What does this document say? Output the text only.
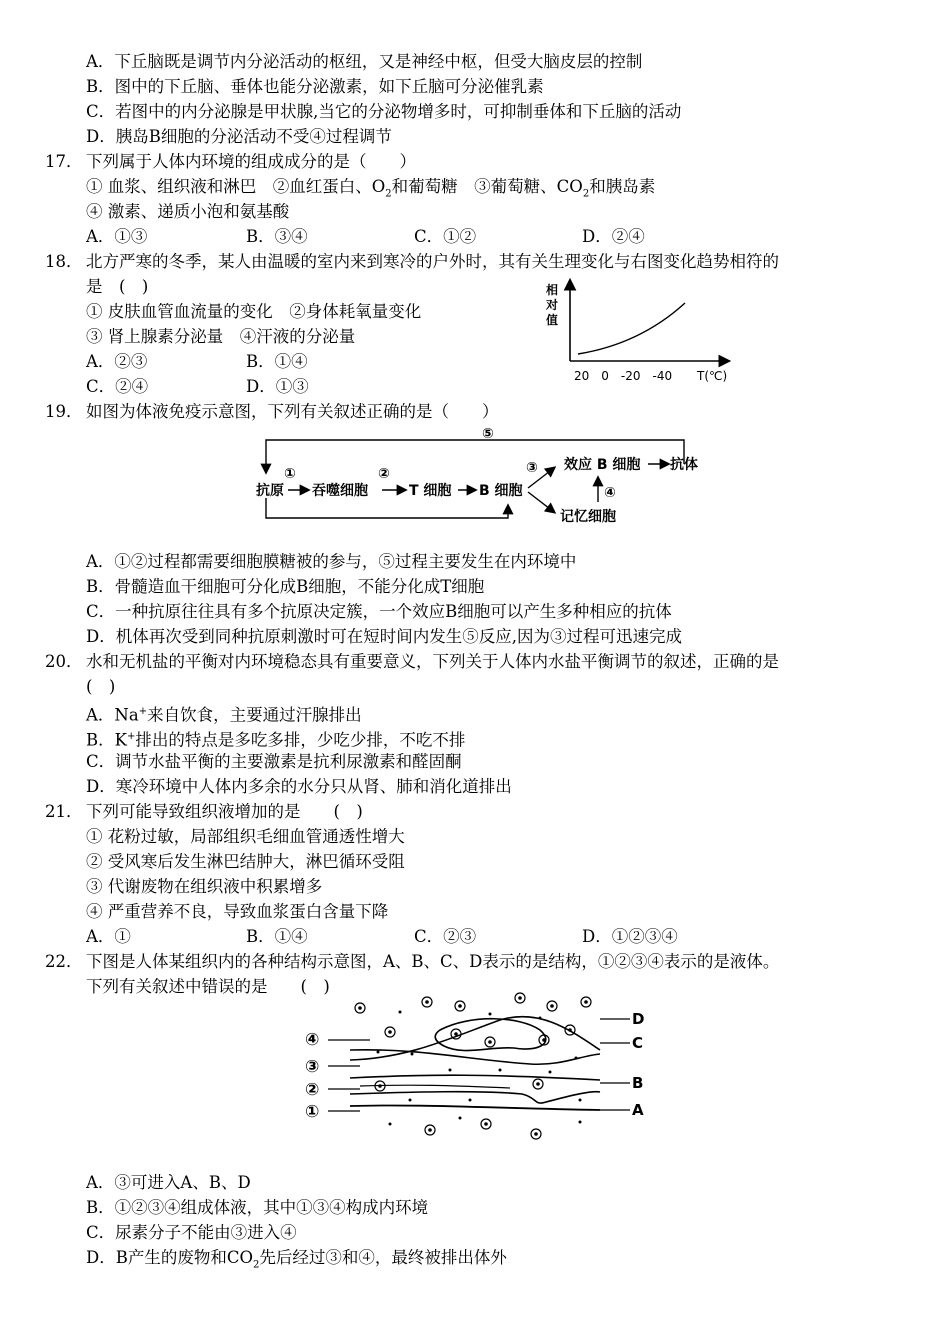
A．下丘脑既是调节内分泌活动的枢纽，又是神经中枢，但受大脑皮层的控制
B．图中的下丘脑、垂体也能分泌激素，如下丘脑可分泌催乳素
C．若图中的内分泌腺是甲状腺,当它的分泌物增多时，可抑制垂体和下丘脑的活动
D．胰岛B细胞的分泌活动不受④过程调节
17． 下列属于人体内环境的组成成分的是（　　）
① 血浆、组织液和淋巴　②血红蛋白、$O_2$和葡萄糖　③葡萄糖、$CO_2$和胰岛素
④ 激素、递质小泡和氨基酸
A．①③	B．③④	C．①②	D．②④
18． 北方严寒的冬季，某人由温暖的室内来到寒冷的户外时，其有关生理变化与右图变化趋势相符的
是　(　)
① 皮肤血管血流量的变化　②身体耗氧量变化
③ 肾上腺素分泌量　④汗液的分泌量
A．②③	B．①④
C．②④	D．①③
相
对
值
20　0　-20　-40 T(℃)
19． 如图为体液免疫示意图，下列有关叙述正确的是（　　）
⑤
抗原
①
吞噬细胞
②
T 细胞 B 细胞
③ 效应 B 细胞 抗体
记忆细胞
④
A．①②过程都需要细胞膜糖被的参与，⑤过程主要发生在内环境中
B．骨髓造血干细胞可分化成B细胞，不能分化成T细胞
C．一种抗原往往具有多个抗原决定簇，一个效应B细胞可以产生多种相应的抗体
D．机体再次受到同种抗原刺激时可在短时间内发生⑤反应,因为③过程可迅速完成
20． 水和无机盐的平衡对内环境稳态具有重要意义，下列关于人体内水盐平衡调节的叙述，正确的是
(　)
A．Na+来自饮食，主要通过汗腺排出
B．K+排出的特点是多吃多排，少吃少排，不吃不排
C．调节水盐平衡的主要激素是抗利尿激素和醛固酮
D．寒冷环境中人体内多余的水分只从肾、肺和消化道排出
21． 下列可能导致组织液增加的是　　(　)
① 花粉过敏，局部组织毛细血管通透性增大
② 受风寒后发生淋巴结肿大，淋巴循环受阻
③ 代谢废物在组织液中积累增多
④ 严重营养不良，导致血浆蛋白含量下降
A．①	B．①④	C．②③	D．①②③④
22． 下图是人体某组织内的各种结构示意图，A、B、C、D表示的是结构，①②③④表示的是液体。
下列有关叙述中错误的是　　(　)
④
③
②
①
D
C
B
A
A．③可进入A、B、D
B．①②③④组成体液，其中①③④构成内环境
C．尿素分子不能由③进入④
D．B产生的废物和$CO_2$先后经过③和④，最终被排出体外
